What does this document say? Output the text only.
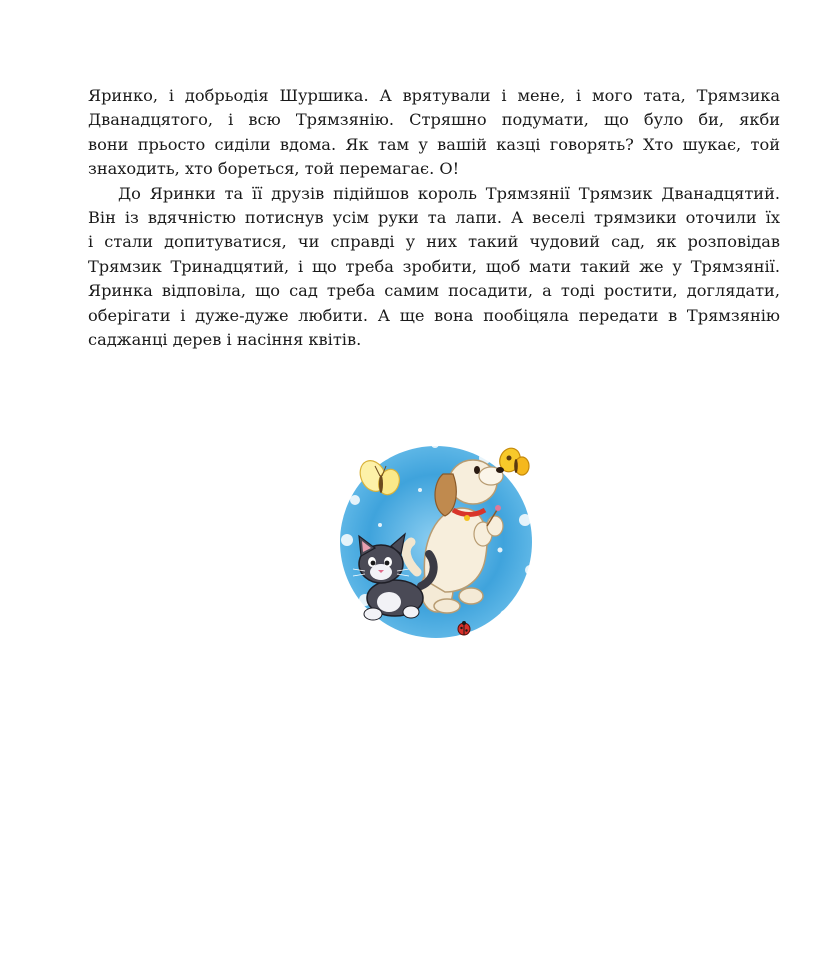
Яринко, і добрьодія Шуршика. А врятували і мене, і мого тата, Трямзика
Дванадцятого, і всю Трямзянію. Стряшно подумати, що було би, якби
вони прьосто сиділи вдома. Як там у вашій казці говорять? Хто шукає, той
знаходить, хто бореться, той перемагає. О!
До Яринки та її друзів підійшов король Трямзянії Трямзик Дванадцятий.
Він із вдячністю потиснув усім руки та лапи. А веселі трямзики оточили їх
і стали допитуватися, чи справді у них такий чудовий сад, як розповідав
Трямзик Тринадцятий, і що треба зробити, щоб мати такий же у Трямзянії.
Яринка відповіла, що сад треба самим посадити, а тоді ростити, доглядати,
оберігати і дуже-дуже любити. А ще вона пообіцяла передати в Трямзянію
саджанці дерев і насіння квітів.
